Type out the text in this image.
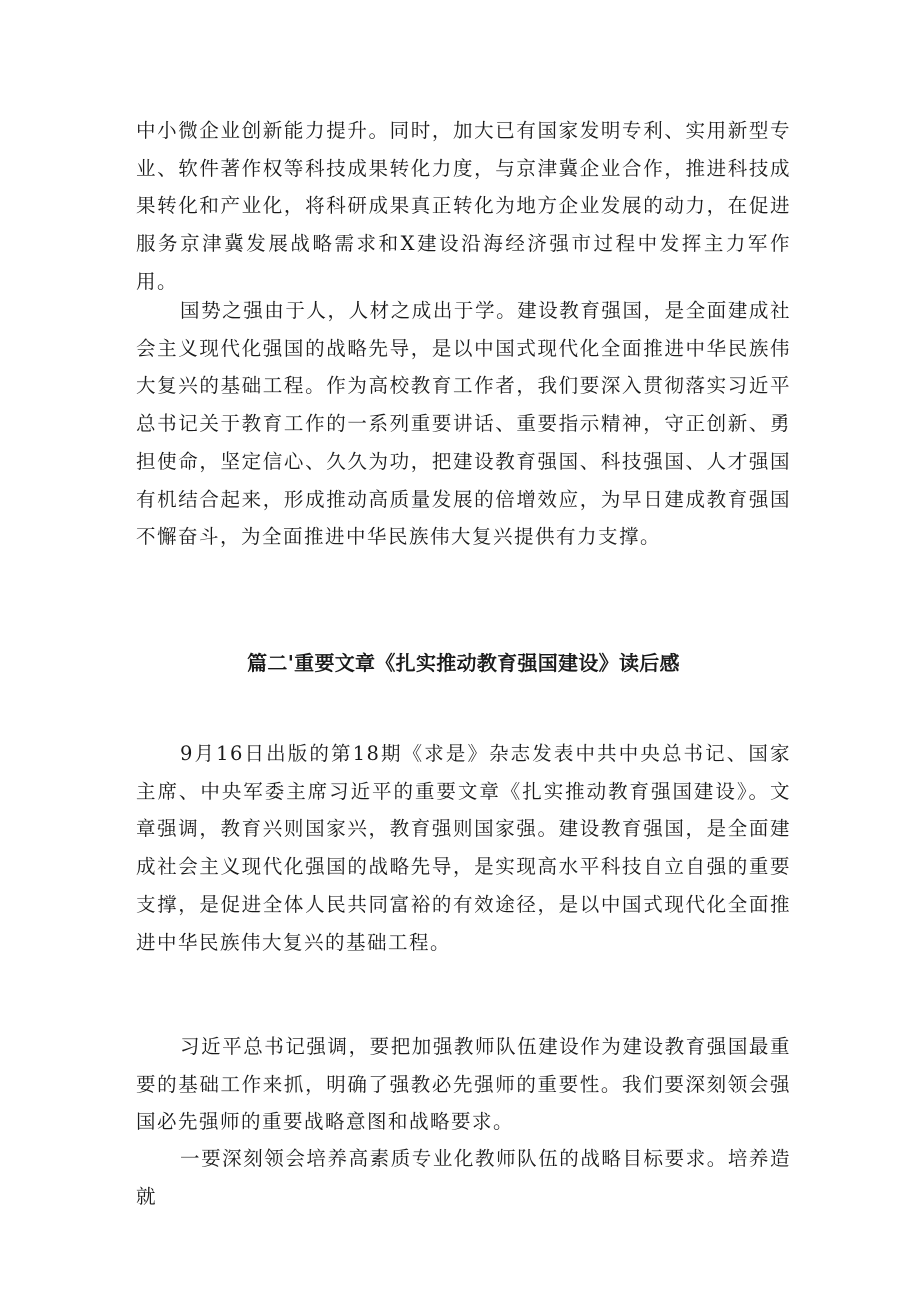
中小微企业创新能力提升。同时，加大已有国家发明专利、实用新型专业、软件著作权等科技成果转化力度，与京津冀企业合作，推进科技成果转化和产业化，将科研成果真正转化为地方企业发展的动力，在促进服务京津冀发展战略需求和X建设沿海经济强市过程中发挥主力军作用。

国势之强由于人，人材之成出于学。建设教育强国，是全面建成社会主义现代化强国的战略先导，是以中国式现代化全面推进中华民族伟大复兴的基础工程。作为高校教育工作者，我们要深入贯彻落实习近平总书记关于教育工作的一系列重要讲话、重要指示精神，守正创新、勇担使命，坚定信心、久久为功，把建设教育强国、科技强国、人才强国有机结合起来，形成推动高质量发展的倍增效应，为早日建成教育强国不懈奋斗，为全面推进中华民族伟大复兴提供有力支撑。

篇二'重要文章《扎实推动教育强国建设》读后感

9月16日出版的第18期《求是》杂志发表中共中央总书记、国家主席、中央军委主席习近平的重要文章《扎实推动教育强国建设》。文章强调，教育兴则国家兴，教育强则国家强。建设教育强国，是全面建成社会主义现代化强国的战略先导，是实现高水平科技自立自强的重要支撑，是促进全体人民共同富裕的有效途径，是以中国式现代化全面推进中华民族伟大复兴的基础工程。

习近平总书记强调，要把加强教师队伍建设作为建设教育强国最重要的基础工作来抓，明确了强教必先强师的重要性。我们要深刻领会强国必先强师的重要战略意图和战略要求。

一要深刻领会培养高素质专业化教师队伍的战略目标要求。培养造就
